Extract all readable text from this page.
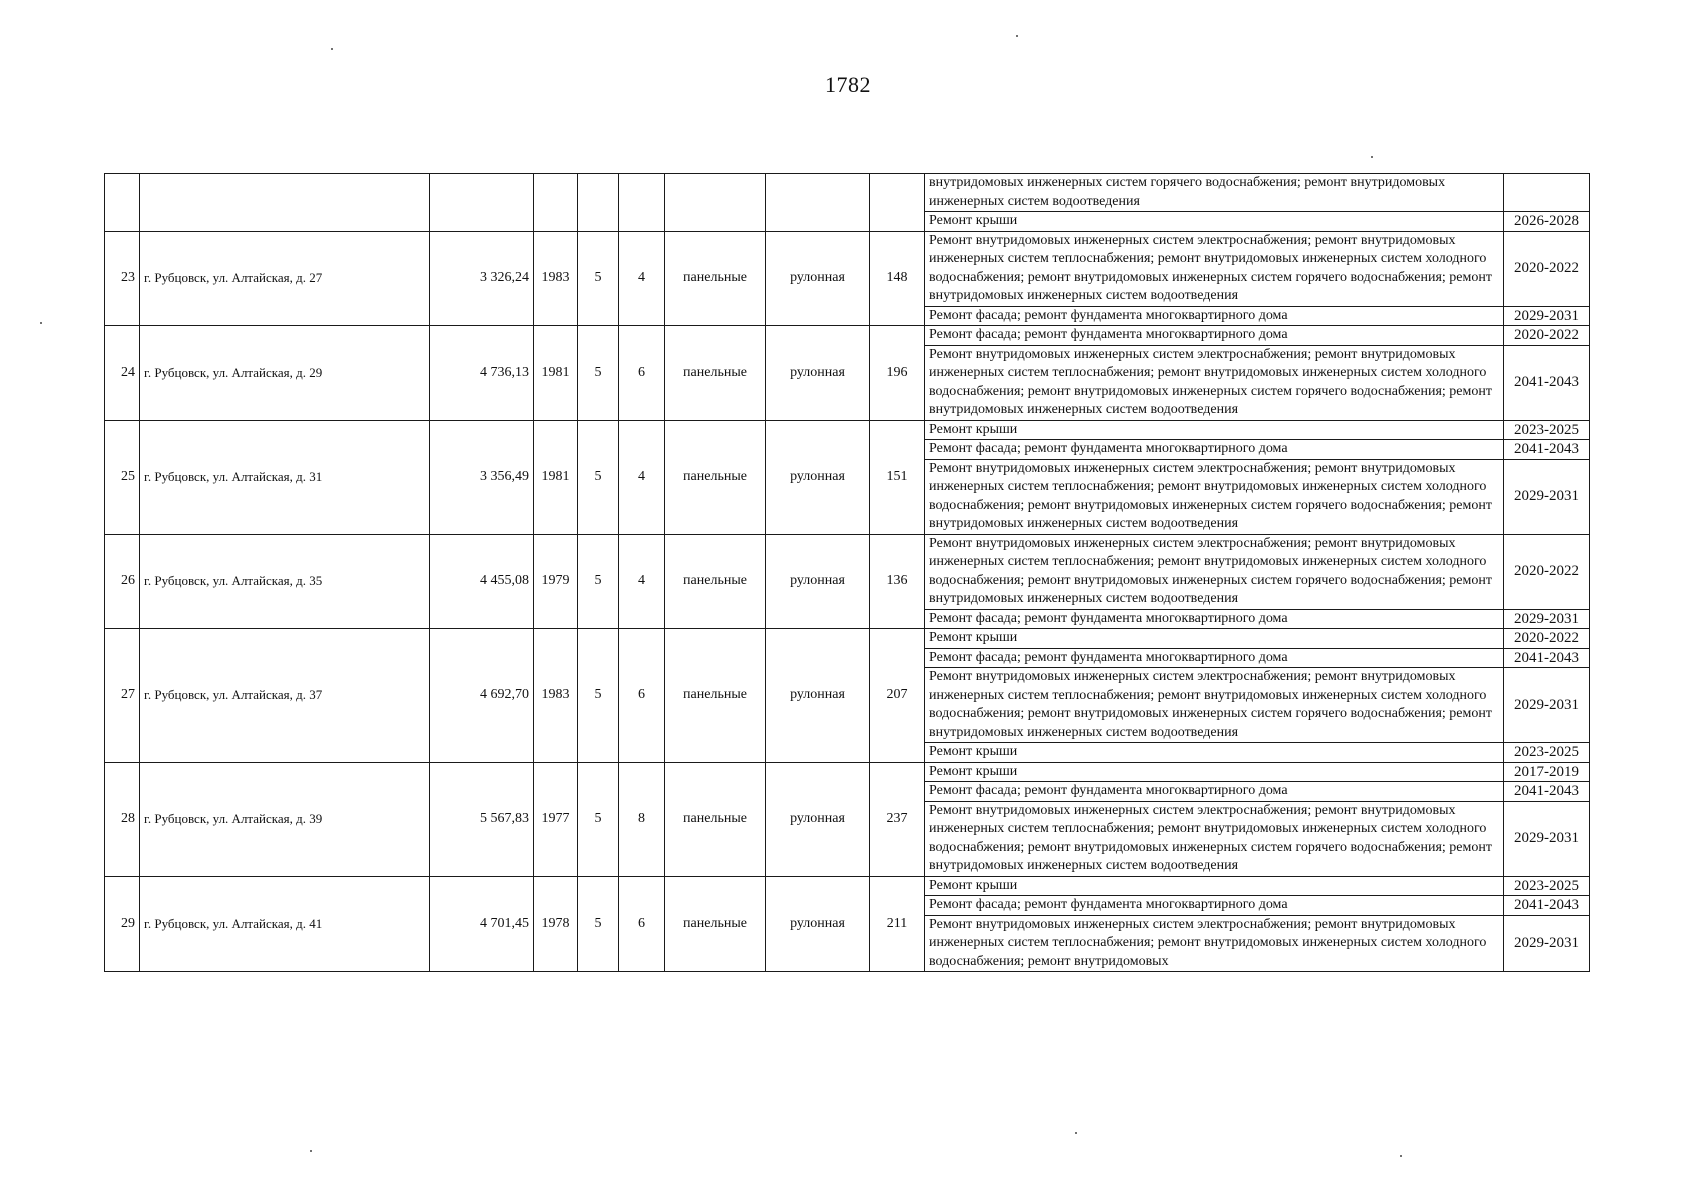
1782
									внутридомовых инженерных систем горячего водоснабжения; ремонт внутридомовых инженерных систем водоотведения	
									Ремонт крыши	2026-2028
23	г. Рубцовск, ул. Алтайская, д. 27	3 326,24	1983	5	4	панельные	рулонная	148	Ремонт внутридомовых инженерных систем электроснабжения; ремонт внутридомовых инженерных систем теплоснабжения; ремонт внутридомовых инженерных систем холодного водоснабжения; ремонт внутридомовых инженерных систем горячего водоснабжения; ремонт внутридомовых инженерных систем водоотведения	2020-2022
									Ремонт фасада; ремонт фундамента многоквартирного дома	2029-2031
24	г. Рубцовск, ул. Алтайская, д. 29	4 736,13	1981	5	6	панельные	рулонная	196	Ремонт фасада; ремонт фундамента многоквартирного дома	2020-2022
									Ремонт внутридомовых инженерных систем электроснабжения; ремонт внутридомовых инженерных систем теплоснабжения; ремонт внутридомовых инженерных систем холодного водоснабжения; ремонт внутридомовых инженерных систем горячего водоснабжения; ремонт внутридомовых инженерных систем водоотведения	2041-2043
25	г. Рубцовск, ул. Алтайская, д. 31	3 356,49	1981	5	4	панельные	рулонная	151	Ремонт крыши	2023-2025
									Ремонт фасада; ремонт фундамента многоквартирного дома	2041-2043
									Ремонт внутридомовых инженерных систем электроснабжения; ремонт внутридомовых инженерных систем теплоснабжения; ремонт внутридомовых инженерных систем холодного водоснабжения; ремонт внутридомовых инженерных систем горячего водоснабжения; ремонт внутридомовых инженерных систем водоотведения	2029-2031
26	г. Рубцовск, ул. Алтайская, д. 35	4 455,08	1979	5	4	панельные	рулонная	136	Ремонт внутридомовых инженерных систем электроснабжения; ремонт внутридомовых инженерных систем теплоснабжения; ремонт внутридомовых инженерных систем холодного водоснабжения; ремонт внутридомовых инженерных систем горячего водоснабжения; ремонт внутридомовых инженерных систем водоотведения	2020-2022
									Ремонт фасада; ремонт фундамента многоквартирного дома	2029-2031
27	г. Рубцовск, ул. Алтайская, д. 37	4 692,70	1983	5	6	панельные	рулонная	207	Ремонт крыши	2020-2022
									Ремонт фасада; ремонт фундамента многоквартирного дома	2041-2043
									Ремонт внутридомовых инженерных систем электроснабжения; ремонт внутридомовых инженерных систем теплоснабжения; ремонт внутридомовых инженерных систем холодного водоснабжения; ремонт внутридомовых инженерных систем горячего водоснабжения; ремонт внутридомовых инженерных систем водоотведения	2029-2031
									Ремонт крыши	2023-2025
28	г. Рубцовск, ул. Алтайская, д. 39	5 567,83	1977	5	8	панельные	рулонная	237	Ремонт крыши	2017-2019
									Ремонт фасада; ремонт фундамента многоквартирного дома	2041-2043
									Ремонт внутридомовых инженерных систем электроснабжения; ремонт внутридомовых инженерных систем теплоснабжения; ремонт внутридомовых инженерных систем холодного водоснабжения; ремонт внутридомовых инженерных систем горячего водоснабжения; ремонт внутридомовых инженерных систем водоотведения	2029-2031
29	г. Рубцовск, ул. Алтайская, д. 41	4 701,45	1978	5	6	панельные	рулонная	211	Ремонт крыши	2023-2025
									Ремонт фасада; ремонт фундамента многоквартирного дома	2041-2043
									Ремонт внутридомовых инженерных систем электроснабжения; ремонт внутридомовых инженерных систем теплоснабжения; ремонт внутридомовых инженерных систем холодного водоснабжения; ремонт внутридомовых	2029-2031
